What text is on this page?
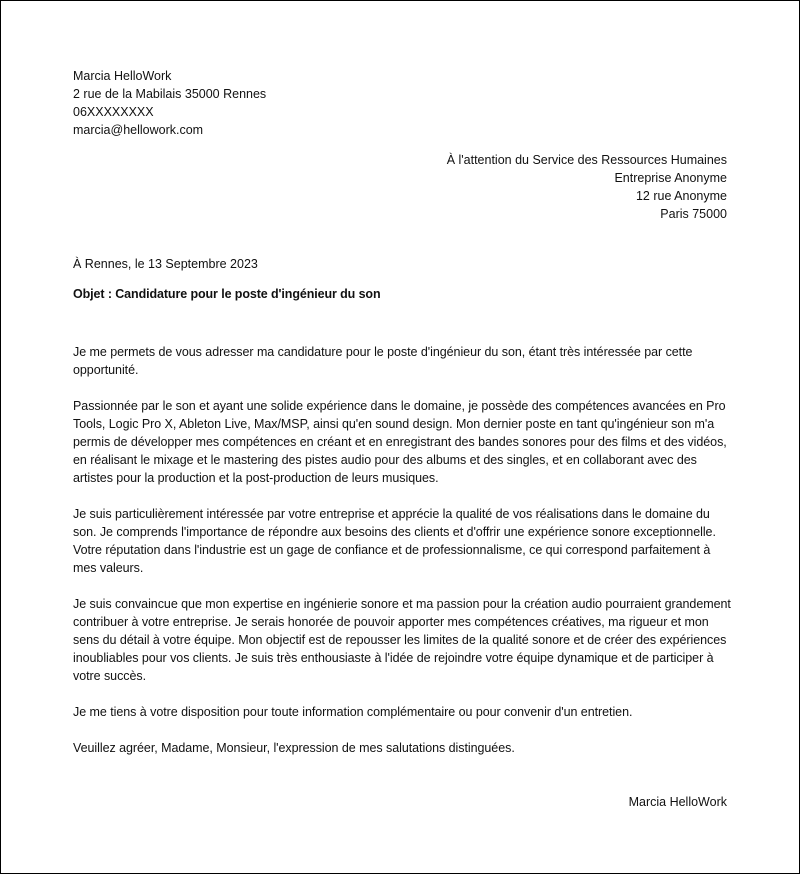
Marcia HelloWork
2 rue de la Mabilais 35000 Rennes
06XXXXXXXX
marcia@hellowork.com
À l'attention du Service des Ressources Humaines
Entreprise Anonyme
12 rue Anonyme
Paris 75000
À Rennes, le 13 Septembre 2023
Objet : Candidature pour le poste d'ingénieur du son

Je me permets de vous adresser ma candidature pour le poste d'ingénieur du son, étant très intéressée par cette opportunité.

Passionnée par le son et ayant une solide expérience dans le domaine, je possède des compétences avancées en Pro Tools, Logic Pro X, Ableton Live, Max/MSP, ainsi qu'en sound design. Mon dernier poste en tant qu'ingénieur son m'a permis de développer mes compétences en créant et en enregistrant des bandes sonores pour des films et des vidéos, en réalisant le mixage et le mastering des pistes audio pour des albums et des singles, et en collaborant avec des artistes pour la production et la post-production de leurs musiques.

Je suis particulièrement intéressée par votre entreprise et apprécie la qualité de vos réalisations dans le domaine du son. Je comprends l'importance de répondre aux besoins des clients et d'offrir une expérience sonore exceptionnelle. Votre réputation dans l'industrie est un gage de confiance et de professionnalisme, ce qui correspond parfaitement à mes valeurs.

Je suis convaincue que mon expertise en ingénierie sonore et ma passion pour la création audio pourraient grandement contribuer à votre entreprise. Je serais honorée de pouvoir apporter mes compétences créatives, ma rigueur et mon sens du détail à votre équipe. Mon objectif est de repousser les limites de la qualité sonore et de créer des expériences inoubliables pour vos clients. Je suis très enthousiaste à l'idée de rejoindre votre équipe dynamique et de participer à votre succès.

Je me tiens à votre disposition pour toute information complémentaire ou pour convenir d'un entretien.

Veuillez agréer, Madame, Monsieur, l'expression de mes salutations distinguées.

Marcia HelloWork
